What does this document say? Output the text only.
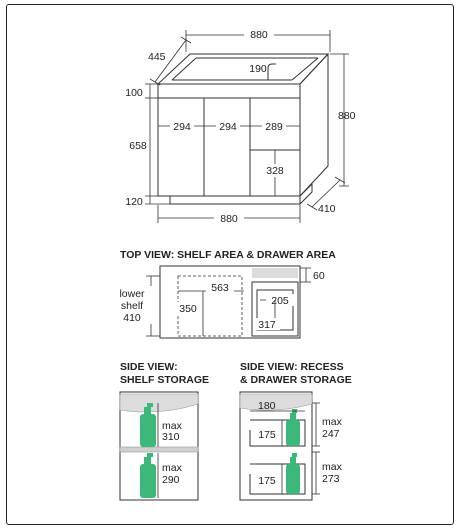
880
445
190
100
658
120
294	294	289
328
880
410
880
TOP VIEW: SHELF AREA & DRAWER AREA
lower
shelf
410
563
350
60
205
317
SIDE VIEW:
SHELF STORAGE
max
310
max
290
SIDE VIEW: RECESS
& DRAWER STORAGE
180
175
175
max
247
max
273
